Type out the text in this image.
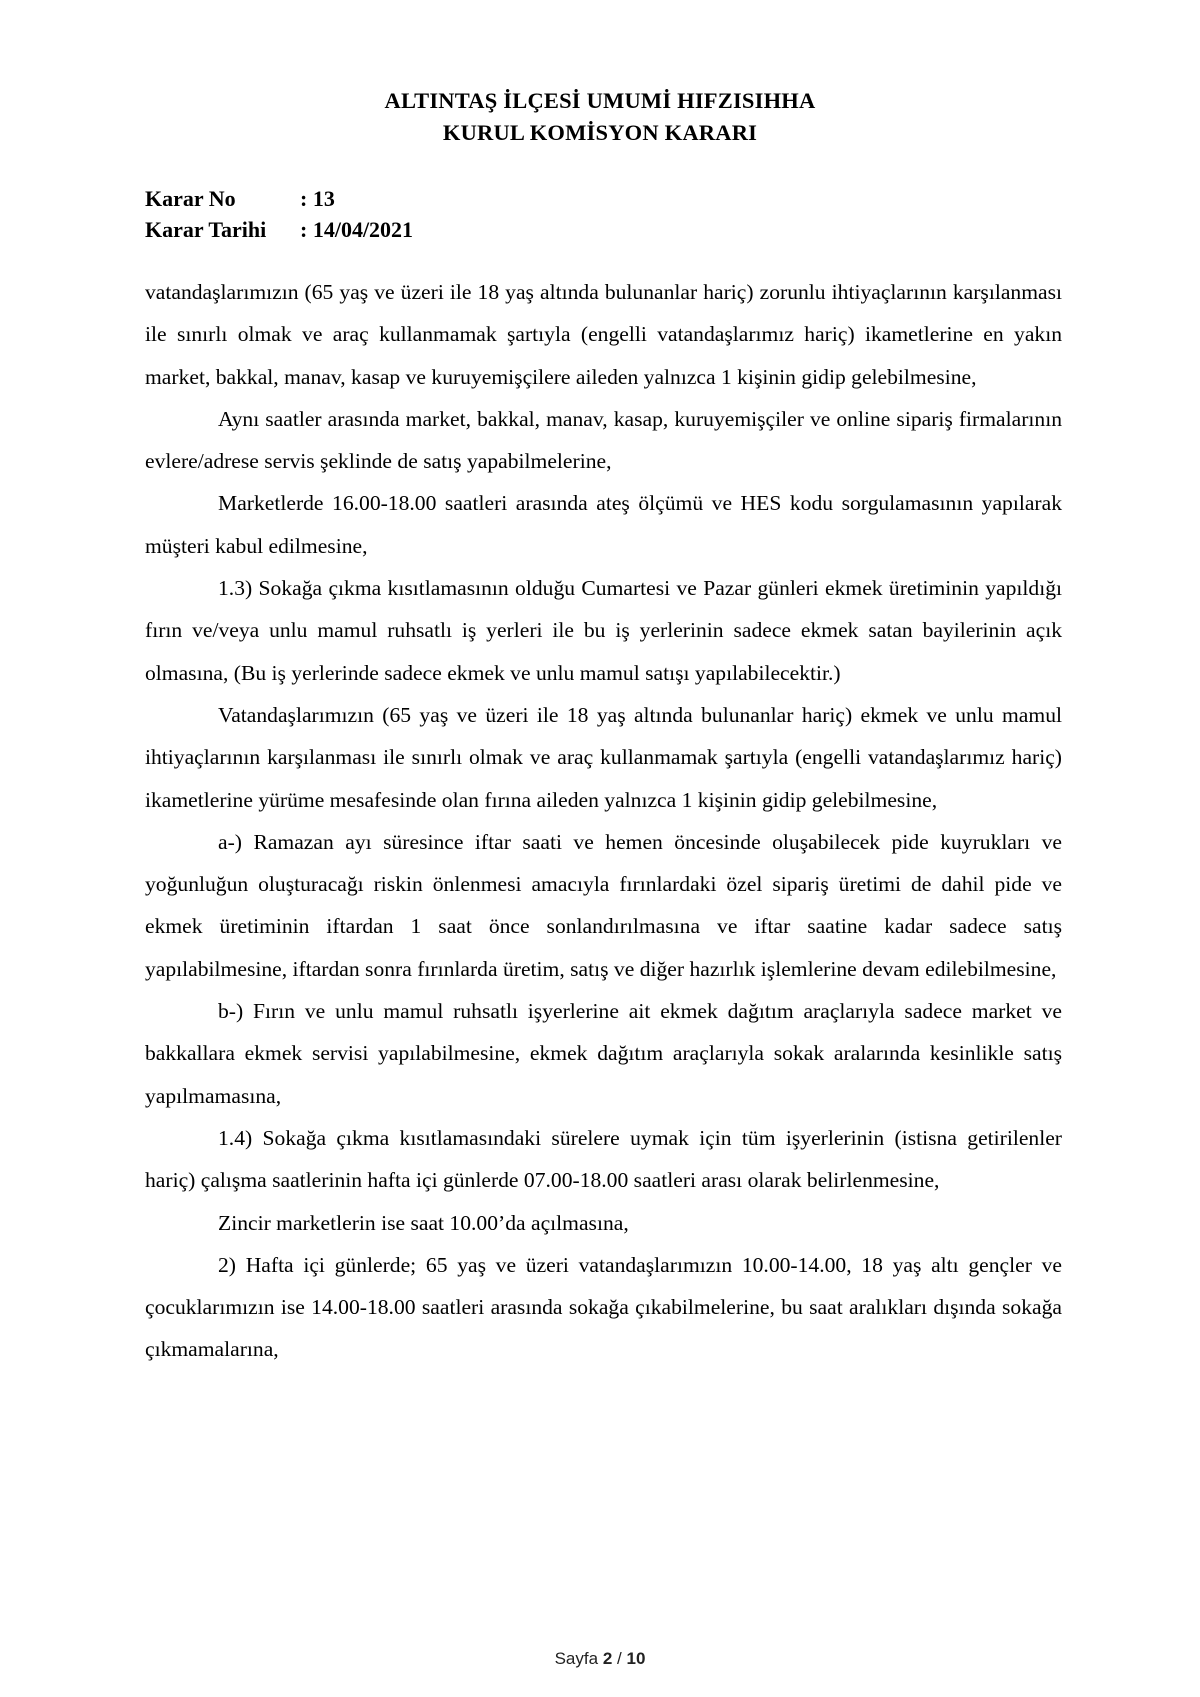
ALTINTAŞ İLÇESİ UMUMİ HIFZISIHHA
KURUL KOMİSYON KARARI
Karar No	: 13
Karar Tarihi : 14/04/2021

vatandaşlarımızın (65 yaş ve üzeri ile 18 yaş altında bulunanlar hariç) zorunlu ihtiyaçlarının karşılanması ile sınırlı olmak ve araç kullanmamak şartıyla (engelli vatandaşlarımız hariç) ikametlerine en yakın market, bakkal, manav, kasap ve kuruyemişçilere aileden yalnızca 1 kişinin gidip gelebilmesine,

Aynı saatler arasında market, bakkal, manav, kasap, kuruyemişçiler ve online sipariş firmalarının evlere/adrese servis şeklinde de satış yapabilmelerine,

Marketlerde 16.00-18.00 saatleri arasında ateş ölçümü ve HES kodu sorgulamasının yapılarak müşteri kabul edilmesine,

1.3) Sokağa çıkma kısıtlamasının olduğu Cumartesi ve Pazar günleri ekmek üretiminin yapıldığı fırın ve/veya unlu mamul ruhsatlı iş yerleri ile bu iş yerlerinin sadece ekmek satan bayilerinin açık olmasına, (Bu iş yerlerinde sadece ekmek ve unlu mamul satışı yapılabilecektir.)

Vatandaşlarımızın (65 yaş ve üzeri ile 18 yaş altında bulunanlar hariç) ekmek ve unlu mamul ihtiyaçlarının karşılanması ile sınırlı olmak ve araç kullanmamak şartıyla (engelli vatandaşlarımız hariç) ikametlerine yürüme mesafesinde olan fırına aileden yalnızca 1 kişinin gidip gelebilmesine,

a-) Ramazan ayı süresince iftar saati ve hemen öncesinde oluşabilecek pide kuyrukları ve yoğunluğun oluşturacağı riskin önlenmesi amacıyla fırınlardaki özel sipariş üretimi de dahil pide ve ekmek üretiminin iftardan 1 saat önce sonlandırılmasına ve iftar saatine kadar sadece satış yapılabilmesine, iftardan sonra fırınlarda üretim, satış ve diğer hazırlık işlemlerine devam edilebilmesine,

b-) Fırın ve unlu mamul ruhsatlı işyerlerine ait ekmek dağıtım araçlarıyla sadece market ve bakkallara ekmek servisi yapılabilmesine, ekmek dağıtım araçlarıyla sokak aralarında kesinlikle satış yapılmamasına,

1.4) Sokağa çıkma kısıtlamasındaki sürelere uymak için tüm işyerlerinin (istisna getirilenler hariç) çalışma saatlerinin hafta içi günlerde 07.00-18.00 saatleri arası olarak belirlenmesine,

Zincir marketlerin ise saat 10.00’da açılmasına,

2) Hafta içi günlerde; 65 yaş ve üzeri vatandaşlarımızın 10.00-14.00, 18 yaş altı gençler ve çocuklarımızın ise 14.00-18.00 saatleri arasında sokağa çıkabilmelerine, bu saat aralıkları dışında sokağa çıkmamalarına,

Sayfa 2 / 10
